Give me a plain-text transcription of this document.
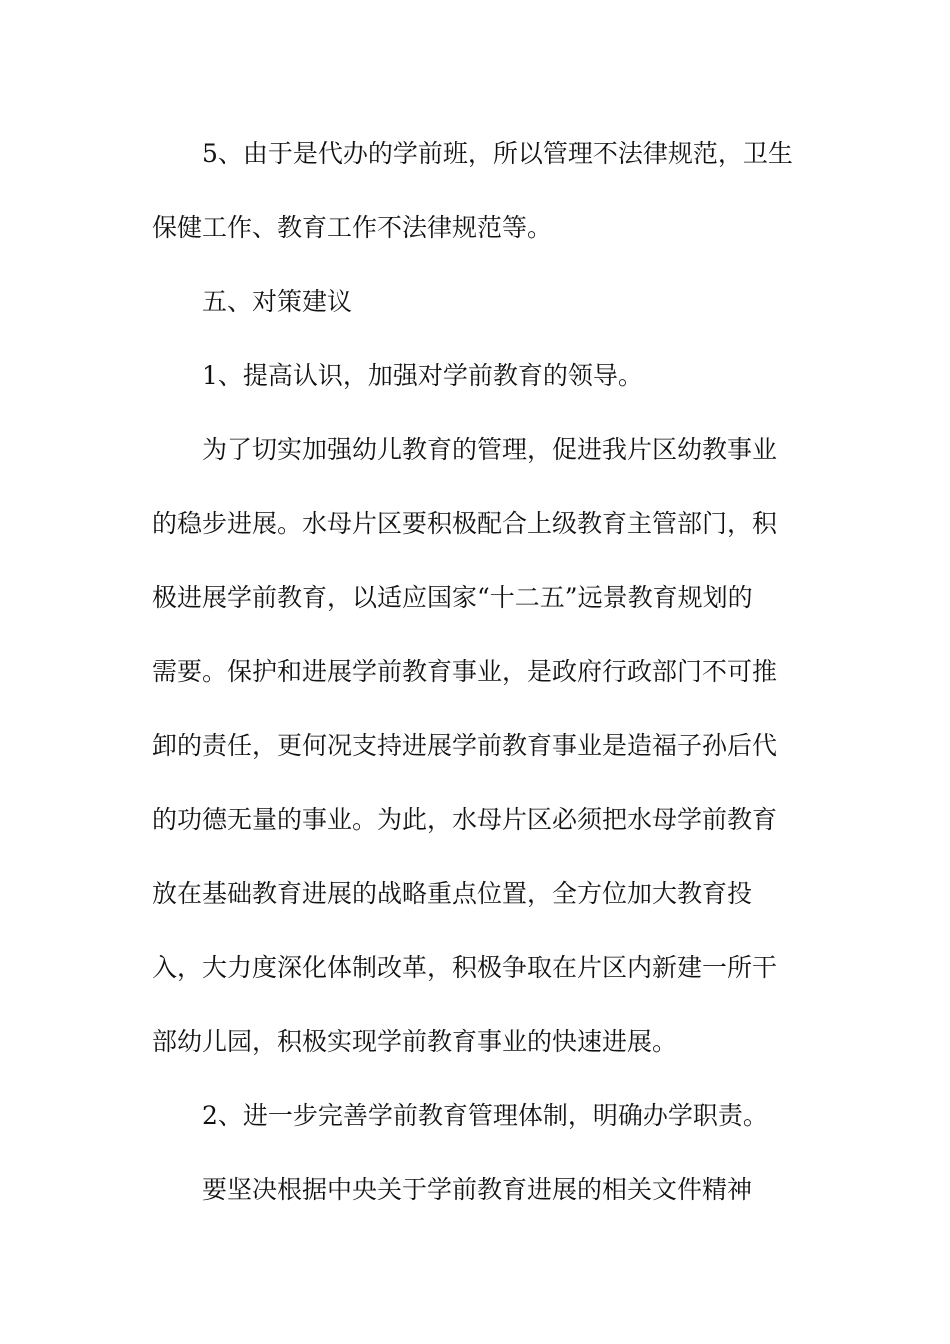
5、由于是代办的学前班，所以管理不法律规范，卫生

保健工作、教育工作不法律规范等。

五、对策建议

1、提高认识，加强对学前教育的领导。

为了切实加强幼儿教育的管理，促进我片区幼教事业

的稳步进展。水母片区要积极配合上级教育主管部门，积

极进展学前教育，以适应国家“十二五”远景教育规划的

需要。保护和进展学前教育事业，是政府行政部门不可推

卸的责任，更何况支持进展学前教育事业是造福子孙后代

的功德无量的事业。为此，水母片区必须把水母学前教育

放在基础教育进展的战略重点位置，全方位加大教育投

入，大力度深化体制改革，积极争取在片区内新建一所干

部幼儿园，积极实现学前教育事业的快速进展。

2、进一步完善学前教育管理体制，明确办学职责。

要坚决根据中央关于学前教育进展的相关文件精神
